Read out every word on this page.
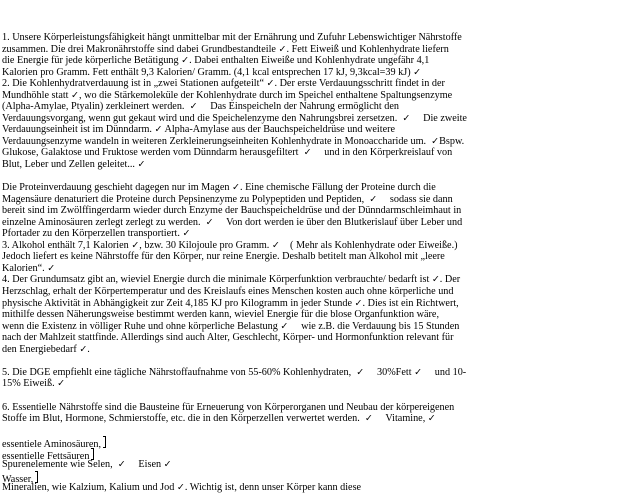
1. Unsere Körperleistungsfähigkeit hängt unmittelbar mit der Ernährung und Zufuhr Lebenswichtiger Nährstoffe
zusammen. Die drei Makronährstoffe sind dabei Grundbestandteile ✓. Fett Eiweiß und Kohlenhydrate liefern
die Energie für jede körperliche Betätigung ✓. Dabei enthalten Eiweiße und Kohlenhydrate ungefähr 4,1
Kalorien pro Gramm. Fett enthält 9,3 Kalorien/ Gramm. (4,1 kcal entsprechen 17 kJ, 9,3kcal=39 kJ) ✓
2. Die Kohlenhydratverdauung ist in „zwei Stationen aufgeteilt“ ✓. Der erste Verdauungsschritt findet in der
Mundhöhle statt ✓, wo die Stärkemoleküle der Kohlenhydrate durch im Speichel enthaltene Spaltungsenzyme
(Alpha-Amylae, Ptyalin) zerkleinert werden.  ✓     Das Einspeicheln der Nahrung ermöglicht den
Verdauungsvorgang, wenn gut gekaut wird und die Speichelenzyme den Nahrungsbrei zersetzen.  ✓     Die zweite
Verdauungseinheit ist im Dünndarm. ✓ Alpha-Amylase aus der Bauchspeicheldrüse und weitere
Verdauungsenzyme wandeln in weiteren Zerkleinerungseinheiten Kohlenhydrate in Monoaccharide um.  ✓Bspw.
Glukose, Galaktose und Fruktose werden vom Dünndarm herausgefiltert  ✓     und in den Körperkreislauf von
Blut, Leber und Zellen geleitet... ✓
Die Proteinverdauung geschieht dagegen nur im Magen ✓. Eine chemische Fällung der Proteine durch die
Magensäure denaturiert die Proteine durch Pepsinenzyme zu Polypeptiden und Peptiden,  ✓     sodass sie dann
bereit sind im Zwölffingerdarm wieder durch Enzyme der Bauchspeicheldrüse und der Dünndarmschleimhaut in
einzelne Aminosäuren zerlegt zerlegt zu werden.  ✓     Von dort werden ie über den Blutkerislauf über Leber und
Pfortader zu den Körperzellen transportiert. ✓
3. Alkohol enthält 7,1 Kalorien ✓, bzw. 30 Kilojoule pro Gramm. ✓    ( Mehr als Kohlenhydrate oder Eiweiße.)
Jedoch liefert es keine Nährstoffe für den Körper, nur reine Energie. Deshalb betitelt man Alkohol mit „leere
Kalorien“. ✓
4. Der Grundumsatz gibt an, wieviel Energie durch die minimale Körperfunktion verbrauchte/ bedarft ist ✓. Der
Herzschlag, erhalt der Körpertemperatur und des Kreislaufs eines Menschen kosten auch ohne körperliche und
physische Aktivität in Abhängigkeit zur Zeit 4,185 KJ pro Kilogramm in jeder Stunde ✓. Dies ist ein Richtwert,
mithilfe dessen Näherungsweise bestimmt werden kann, wieviel Energie für die blose Organfunktion wäre,
wenn die Existenz in völliger Ruhe und ohne körperliche Belastung ✓     wie z.B. die Verdauung bis 15 Stunden
nach der Mahlzeit stattfinde. Allerdings sind auch Alter, Geschlecht, Körper- und Hormonfunktion relevant für
den Energiebedarf ✓.
5. Die DGE empfiehlt eine tägliche Nährstoffaufnahme von 55-60% Kohlenhydraten,  ✓     30%Fett ✓     und 10-
15% Eiweiß. ✓
6. Essentielle Nährstoffe sind die Bausteine für Erneuerung von Körperorganen und Neubau der körpereigenen
Stoffe im Blut, Hormone, Schmierstoffe, etc. die in den Körperzellen verwertet werden.  ✓     Vitamine, ✓
essentiele Aminosäuren,
essentielle Fettsäuren
Spurenelemente wie Selen,  ✓     Eisen ✓
Wasser,
Mineralien, wie Kalzium, Kalium und Jod ✓. Wichtig ist, denn unser Körper kann diese
